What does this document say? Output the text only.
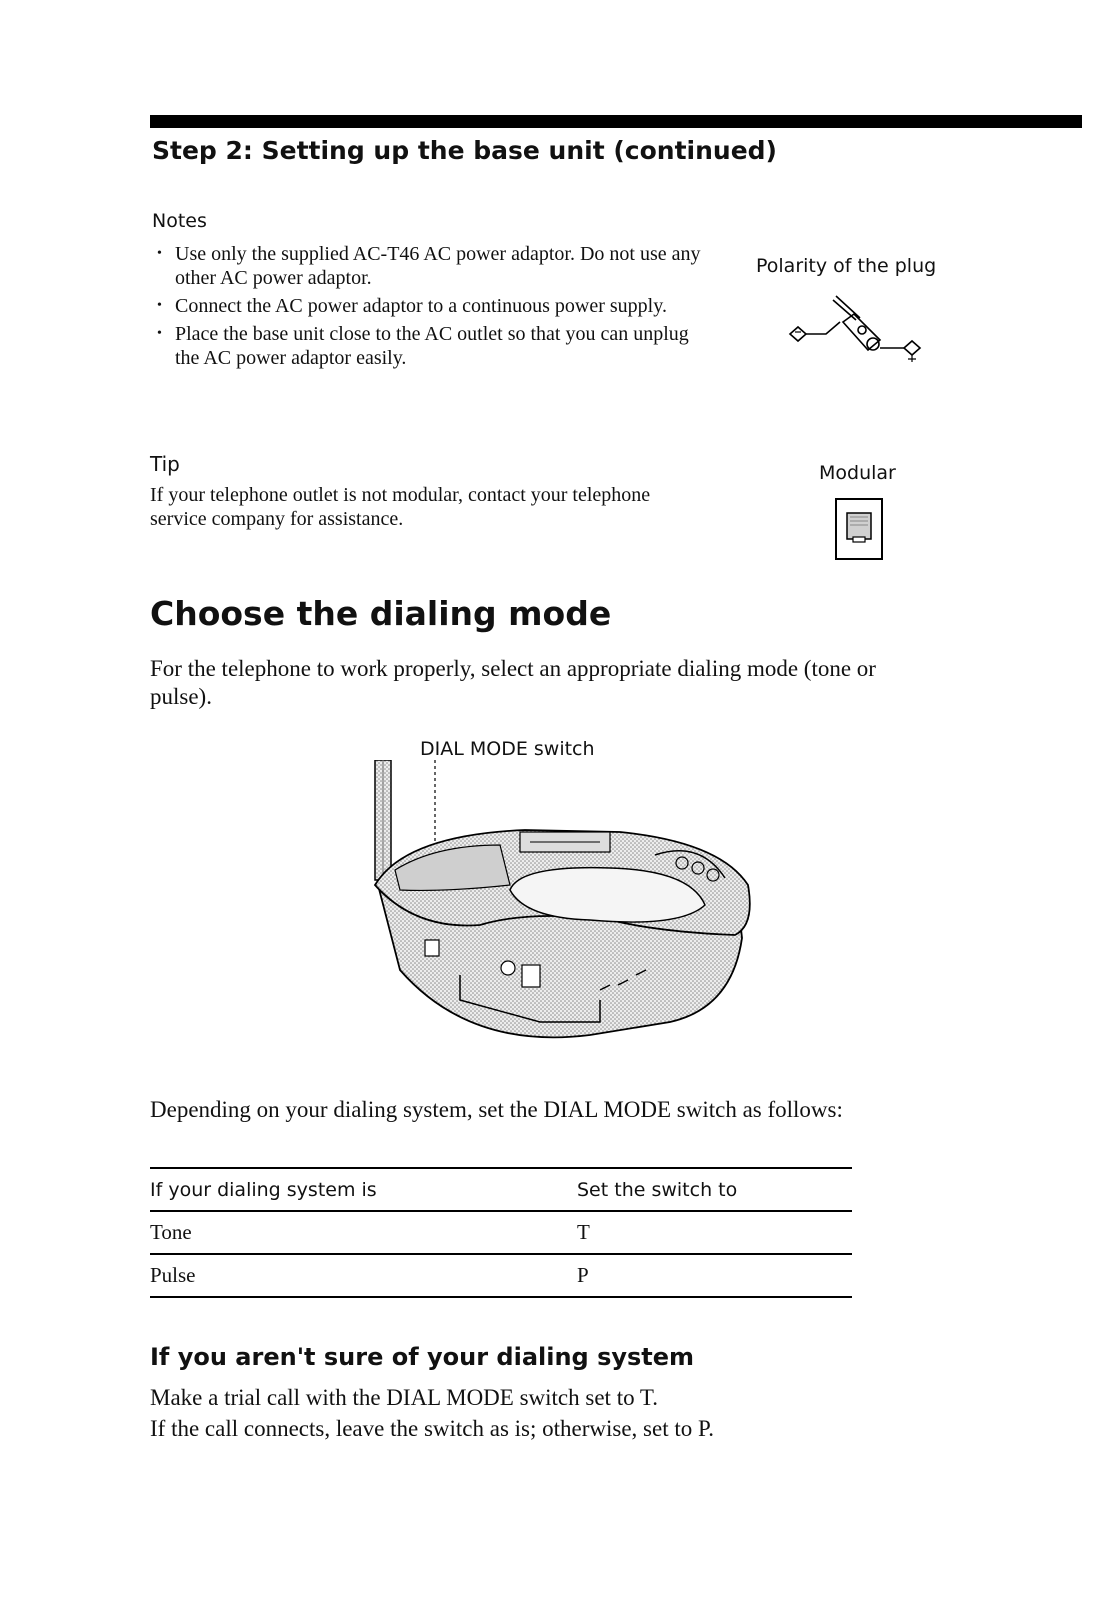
Step 2: Setting up the base unit (continued)
Notes
• Use only the supplied AC-T46 AC power adaptor. Do not use any other AC power adaptor.
• Connect the AC power adaptor to a continuous power supply.
• Place the base unit close to the AC outlet so that you can unplug the AC power adaptor easily.
Tip
If your telephone outlet is not modular, contact your telephone service company for assistance.
Polarity of the plug
Modular
Choose the dialing mode
For the telephone to work properly, select an appropriate dialing mode (tone or pulse).
DIAL MODE switch
Depending on your dialing system, set the DIAL MODE switch as follows:
If your dialing system is	Set the switch to
Tone	T
Pulse	P
If you aren't sure of your dialing system
Make a trial call with the DIAL MODE switch set to T.
If the call connects, leave the switch as is; otherwise, set to P.
